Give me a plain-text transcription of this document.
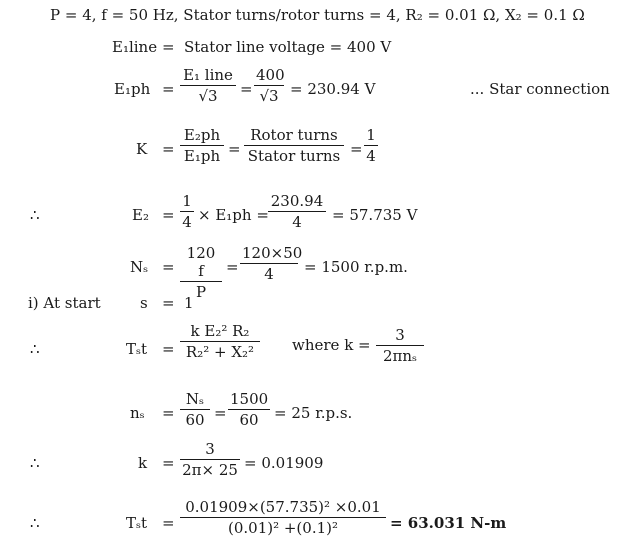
P = 4, f = 50 Hz, Stator turns/rotor turns = 4, R₂ = 0.01 Ω, X₂ = 0.1 Ω
E₁line = Stator line voltage = 400 V
E₁ph =
E₁ line
√3	= $\frac{400}{√3} = 230.94$ V	... Star connection
$K = \frac{\text{E₂ph}}{\text{E₁ph}}$ =
Rotor turns
Stator turns = $\frac{1}{4}$
∴	$E_2 = \frac{1}{4} \times E_1ph = \frac{230.94}{4} = 57.735$ V
$N_s = \frac{120 f}{P} = \frac{120\times 50}{4} = 1500$ r.p.m.
i) At start	s = 1
∴	$T_st = \frac{\text{k E₂² R₂}}{\text{R₂² + X₂²}}$ where k =
3
2πnₛ
$n_s = \frac{\text{Nₛ}}{60} = \frac{1500}{60} = 25$ r.p.s.
∴	$k = \frac{3}{2\pi\times 25} = 0.01909$
∴	$T_st = \frac{\text{0.01909×(57.735)² ×0.01}}{\text{(0.01)² +(0.1)²}} = 63.031$ N-m
